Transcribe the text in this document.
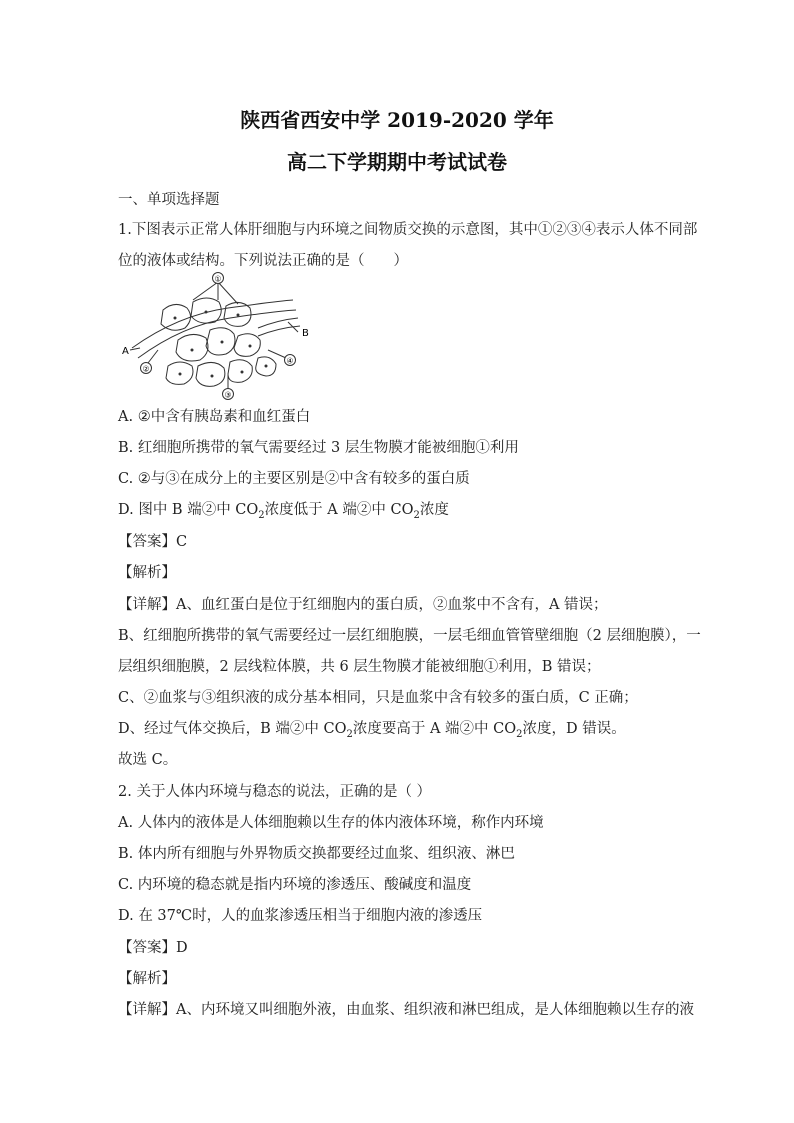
陕西省西安中学 2019-2020 学年
高二下学期期中考试试卷
一、单项选择题
1.下图表示正常人体肝细胞与内环境之间物质交换的示意图，其中①②③④表示人体不同部
位的液体或结构。下列说法正确的是（　　）
①
②
③
④
A
B
A. ②中含有胰岛素和血红蛋白
B. 红细胞所携带的氧气需要经过 3 层生物膜才能被细胞①利用
C. ②与③在成分上的主要区别是②中含有较多的蛋白质
D. 图中 B 端②中 $CO_2$浓度低于 A 端②中 $CO_2$浓度
【答案】C
【解析】
【详解】A、血红蛋白是位于红细胞内的蛋白质，②血浆中不含有，A 错误；
B、红细胞所携带的氧气需要经过一层红细胞膜，一层毛细血管管壁细胞（2 层细胞膜），一
层组织细胞膜，2 层线粒体膜，共 6 层生物膜才能被细胞①利用，B 错误；
C、②血浆与③组织液的成分基本相同，只是血浆中含有较多的蛋白质，C 正确；
D、经过气体交换后，B 端②中 $CO_2$浓度要高于 A 端②中 $CO_2$浓度，D 错误。
故选 C。
2. 关于人体内环境与稳态的说法，正确的是（ ）
A. 人体内的液体是人体细胞赖以生存的体内液体环境，称作内环境
B. 体内所有细胞与外界物质交换都要经过血浆、组织液、淋巴
C. 内环境的稳态就是指内环境的渗透压、酸碱度和温度
D. 在 37℃时，人的血浆渗透压相当于细胞内液的渗透压
【答案】D
【解析】
【详解】A、内环境又叫细胞外液，由血浆、组织液和淋巴组成，是人体细胞赖以生存的液
